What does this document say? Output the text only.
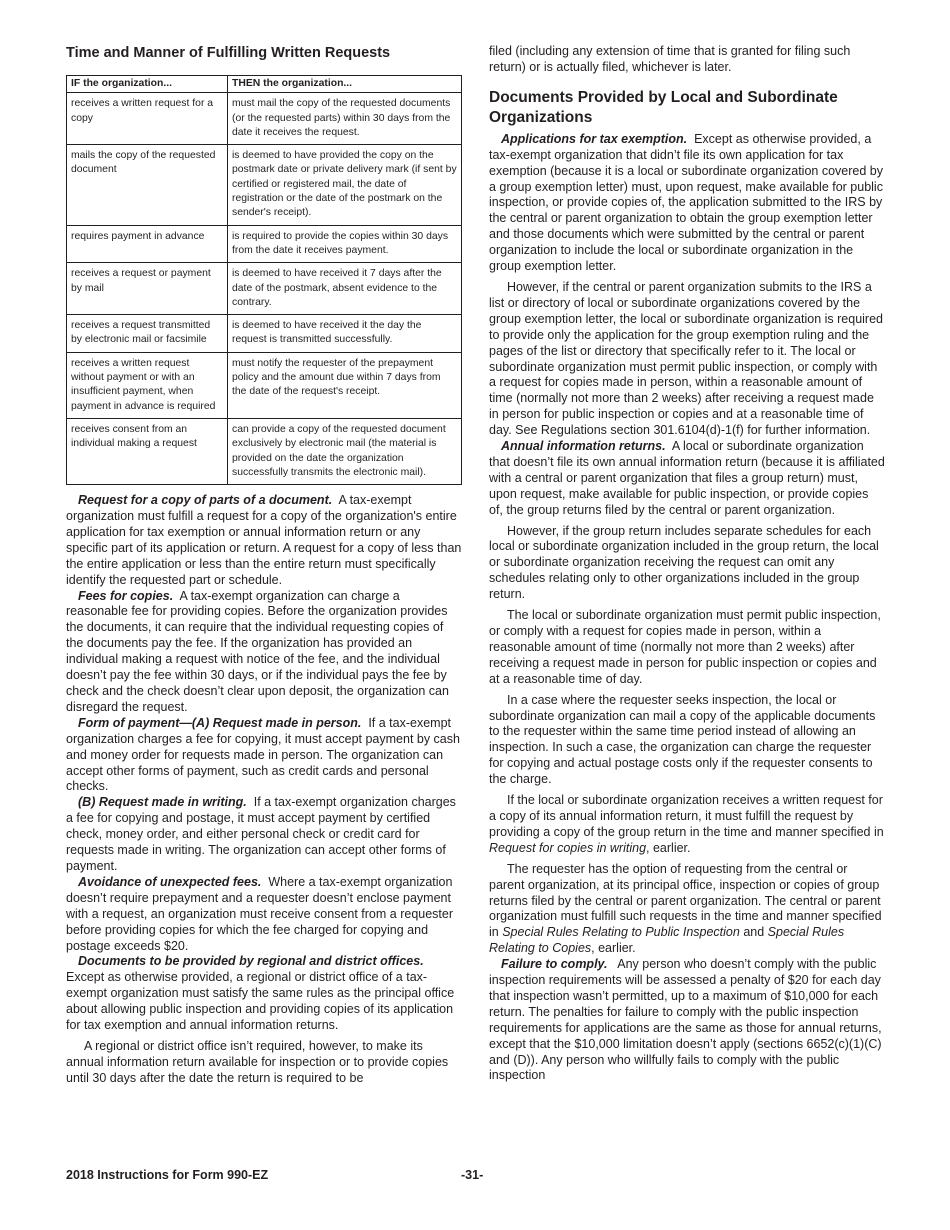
Time and Manner of Fulfilling Written Requests
IF the organization...	THEN the organization...
receives a written request for a copy	must mail the copy of the requested documents (or the requested parts) within 30 days from the date it receives the request.
mails the copy of the requested document	is deemed to have provided the copy on the postmark date or private delivery mark (if sent by certified or registered mail, the date of registration or the date of the postmark on the sender's receipt).
requires payment in advance	is required to provide the copies within 30 days from the date it receives payment.
receives a request or payment by mail	is deemed to have received it 7 days after the date of the postmark, absent evidence to the contrary.
receives a request transmitted by electronic mail or facsimile	is deemed to have received it the day the request is transmitted successfully.
receives a written request without payment or with an insufficient payment, when payment in advance is required	must notify the requester of the prepayment policy and the amount due within 7 days from the date of the request's receipt.
receives consent from an individual making a request	can provide a copy of the requested document exclusively by electronic mail (the material is provided on the date the organization successfully transmits the electronic mail).

Request for a copy of parts of a document. A tax-exempt organization must fulfill a request for a copy of the organization's entire application for tax exemption or annual information return or any specific part of its application or return. A request for a copy of less than the entire application or less than the entire return must specifically identify the requested part or schedule.

Fees for copies. A tax-exempt organization can charge a reasonable fee for providing copies. Before the organization provides the documents, it can require that the individual requesting copies of the documents pay the fee. If the organization has provided an individual making a request with notice of the fee, and the individual doesn’t pay the fee within 30 days, or if the individual pays the fee by check and the check doesn’t clear upon deposit, the organization can disregard the request.

Form of payment—(A) Request made in person. If a tax-exempt organization charges a fee for copying, it must accept payment by cash and money order for requests made in person. The organization can accept other forms of payment, such as credit cards and personal checks.

(B) Request made in writing. If a tax-exempt organization charges a fee for copying and postage, it must accept payment by certified check, money order, and either personal check or credit card for requests made in writing. The organization can accept other forms of payment.

Avoidance of unexpected fees. Where a tax-exempt organization doesn’t require prepayment and a requester doesn’t enclose payment with a request, an organization must receive consent from a requester before providing copies for which the fee charged for copying and postage exceeds $20.

Documents to be provided by regional and district offices.  Except as otherwise provided, a regional or district office of a tax-exempt organization must satisfy the same rules as the principal office about allowing public inspection and providing copies of its application for tax exemption and annual information returns.

A regional or district office isn’t required, however, to make its annual information return available for inspection or to provide copies until 30 days after the date the return is required to be

filed (including any extension of time that is granted for filing such return) or is actually filed, whichever is later.

Documents Provided by Local and Subordinate Organizations

Applications for tax exemption. Except as otherwise provided, a tax-exempt organization that didn’t file its own application for tax exemption (because it is a local or subordinate organization covered by a group exemption letter) must, upon request, make available for public inspection, or provide copies of, the application submitted to the IRS by the central or parent organization to obtain the group exemption letter and those documents which were submitted by the central or parent organization to include the local or subordinate organization in the group exemption letter.

However, if the central or parent organization submits to the IRS a list or directory of local or subordinate organizations covered by the group exemption letter, the local or subordinate organization is required to provide only the application for the group exemption ruling and the pages of the list or directory that specifically refer to it. The local or subordinate organization must permit public inspection, or comply with a request for copies made in person, within a reasonable amount of time (normally not more than 2 weeks) after receiving a request made in person for public inspection or copies and at a reasonable time of day. See Regulations section 301.6104(d)-1(f) for further information.

Annual information returns. A local or subordinate organization that doesn’t file its own annual information return (because it is affiliated with a central or parent organization that files a group return) must, upon request, make available for public inspection, or provide copies of, the group returns filed by the central or parent organization.

However, if the group return includes separate schedules for each local or subordinate organization included in the group return, the local or subordinate organization receiving the request can omit any schedules relating only to other organizations included in the group return.

The local or subordinate organization must permit public inspection, or comply with a request for copies made in person, within a reasonable amount of time (normally not more than 2 weeks) after receiving a request made in person for public inspection or copies and at a reasonable time of day.

In a case where the requester seeks inspection, the local or subordinate organization can mail a copy of the applicable documents to the requester within the same time period instead of allowing an inspection. In such a case, the organization can charge the requester for copying and actual postage costs only if the requester consents to the charge.

If the local or subordinate organization receives a written request for a copy of its annual information return, it must fulfill the request by providing a copy of the group return in the time and manner specified in Request for copies in writing, earlier.

The requester has the option of requesting from the central or parent organization, at its principal office, inspection or copies of group returns filed by the central or parent organization. The central or parent organization must fulfill such requests in the time and manner specified in Special Rules Relating to Public Inspection and Special Rules Relating to Copies, earlier.

Failure to comply. Any person who doesn’t comply with the public inspection requirements will be assessed a penalty of $20 for each day that inspection wasn’t permitted, up to a maximum of $10,000 for each return. The penalties for failure to comply with the public inspection requirements for applications are the same as those for annual returns, except that the $10,000 limitation doesn’t apply (sections 6652(c)(1)(C) and (D)). Any person who willfully fails to comply with the public inspection

2018 Instructions for Form 990-EZ	-31-
